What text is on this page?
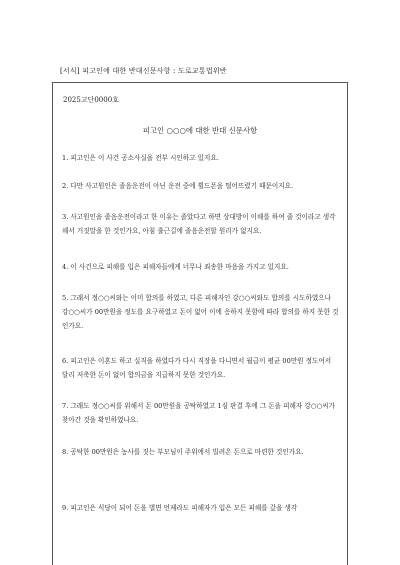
[서식] 피고인에 대한 반대신문사항 : 도로교통법위반
2025고단0000호
피고인 ○○○에 대한 반대 신문사항
1. 피고인은 이 사건 공소사실을 전부 시인하고 있지요.
2. 다만 사고원인은 졸음운전이 아닌 운전 중에 휠드폰을 떨어뜨렸기 때문이지요.
3. 사고원인을 졸음운전이라고 한 이유는 졸았다고 하면 상대방이 이해를 하여 줄 것이라고 생각해서 거짓말을 한 것인가요, 아침 출근길에 졸음운전할 원리가 없지요.
4. 이 사건으로 피해를 입은 피해자들에게 너무나 죄송한 마음을 가지고 있지요.
5. 그래서 정○○씨와는 이미 합의를 하였고, 다른 피해자인 강○○씨와도 합의를 시도하였으나 강○○씨가 00만원을 정도를 요구하였고 돈이 없어 이에 응하지 못함에 따라 합의를 하지 못한 것인가요.
6. 피고인은 이혼도 하고 실직을 하였다가 다시 직장을 다니면서 월급이 평균 00만원 정도여서 달리 저축한 돈이 없어 합의금을 지급하지 못한 것인가요.
7. 그래도 정○○씨를 위해서 돈 00만원을 공탁하였고 1심 판결 후에 그 돈을 피해자 강○○씨가 찾아간 것을 확인하였나요.
8. 공탁한 00만원은 농사를 짓는 부모님이 주위에서 빌려온 돈으로 마련한 것인가요.
9. 피고인은 식당이 되어 돈을 벌면 언제라도 피해자가 입은 모든 피해를 갚을 생각
